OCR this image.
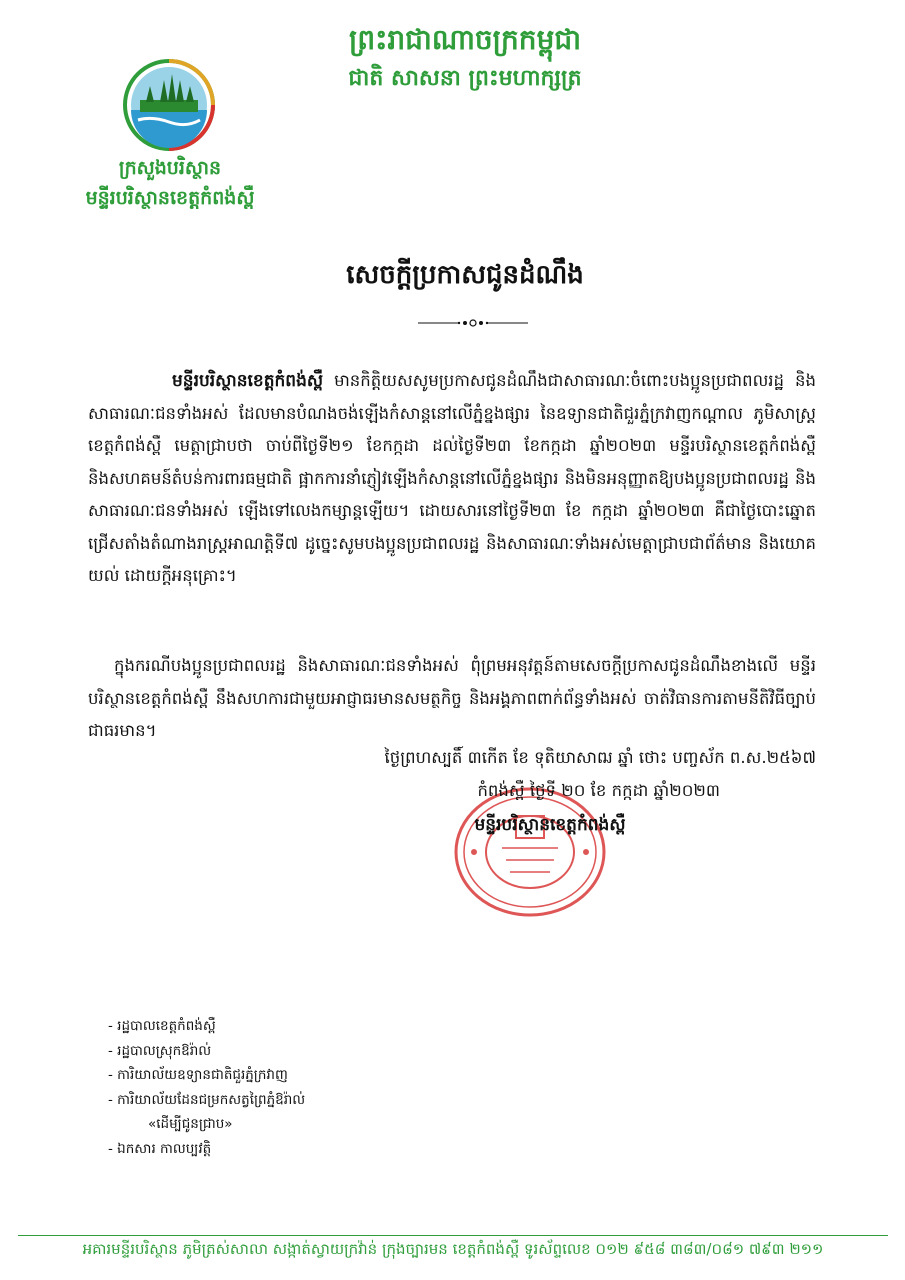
ព្រះរាជាណាចក្រកម្ពុជា
ជាតិ សាសនា ព្រះមហាក្សត្រ
ក្រសួងបរិស្ថាន
មន្ទីរបរិស្ថានខេត្តកំពង់ស្ពឺ
សេចក្តីប្រកាសជូនដំណឹង
មន្ទីរបរិស្ថានខេត្តកំពង់ស្ពឺ មានកិត្តិយសសូមប្រកាសជូនដំណឹងជាសាធារណៈចំពោះបងប្អូនប្រជាពលរដ្ឋ និងសាធារណៈជនទាំងអស់ ដែលមានបំណងចង់ឡើងកំសាន្តនៅលើភ្នំខ្នងផ្សារ នៃឧទ្យានជាតិជួរភ្នំក្រវាញកណ្តាល ភូមិសាស្ត្រខេត្តកំពង់ស្ពឺ មេត្តាជ្រាបថា ចាប់ពីថ្ងៃទី២១ ខែកក្កដា ដល់ថ្ងៃទី២៣ ខែកក្កដា ឆ្នាំ២០២៣ មន្ទីរបរិស្ថានខេត្តកំពង់ស្ពឺ និងសហគមន៍តំបន់ការពារធម្មជាតិ ផ្អាកការនាំភ្ញៀវឡើងកំសាន្តនៅលើភ្នំខ្នងផ្សារ និងមិនអនុញ្ញាតឱ្យបងប្អូនប្រជាពលរដ្ឋ និងសាធារណៈជនទាំងអស់ ឡើងទៅលេងកម្សាន្តឡើយ។ ដោយសារនៅថ្ងៃទី២៣ ខែ កក្កដា ឆ្នាំ២០២៣ គឺជាថ្ងៃបោះឆ្នោតជ្រើសតាំងតំណាងរាស្ត្រអាណត្តិទី៧ ដូច្នេះសូមបងប្អូនប្រជាពលរដ្ឋ និងសាធារណៈទាំងអស់មេត្តាជ្រាបជាព័ត៌មាន និងយោគយល់ ដោយក្តីអនុគ្រោះ។
ក្នុងករណីបងប្អូនប្រជាពលរដ្ឋ និងសាធារណៈជនទាំងអស់ ពុំព្រមអនុវត្តន៍តាមសេចក្តីប្រកាសជូនដំណឹងខាងលើ មន្ទីរបរិស្ថានខេត្តកំពង់ស្ពឺ នឹងសហការជាមួយអាជ្ញាធរមានសមត្ថកិច្ច និងអង្គភាពពាក់ព័ន្ធទាំងអស់ ចាត់វិធានការតាមនីតិវិធីច្បាប់ជាធរមាន។
ថ្ងៃព្រហស្បតិ៍ ៣កើត ខែ ទុតិយាសាឍ ឆ្នាំ ថោះ បញ្ចស័ក ព.ស.២៥៦៧
កំពង់ស្ពឺ ថ្ងៃទី ២០ ខែ កក្កដា ឆ្នាំ២០២៣
មន្ទីរបរិស្ថានខេត្តកំពង់ស្ពឺ
- រដ្ឋបាលខេត្តកំពង់ស្ពឺ
- រដ្ឋបាលស្រុកឱរ៉ាល់
- ការិយាល័យឧទ្យានជាតិជួរភ្នំក្រវាញ
- ការិយាល័យដែនជម្រកសត្វព្រៃភ្នំឱរ៉ាល់
«ដើម្បីជូនជ្រាប»
- ឯកសារ កាលប្បវត្តិ
អគារមន្ទីរបរិស្ថាន ភូមិត្រស់សាលា សង្កាត់ស្វាយក្រវ៉ាន់ ក្រុងច្បារមន ខេត្តកំពង់ស្ពឺ ទូរស័ព្ទលេខ ០១២ ៩៥៨ ៣៨៣/០៨១ ៧៩៣ ២១១
